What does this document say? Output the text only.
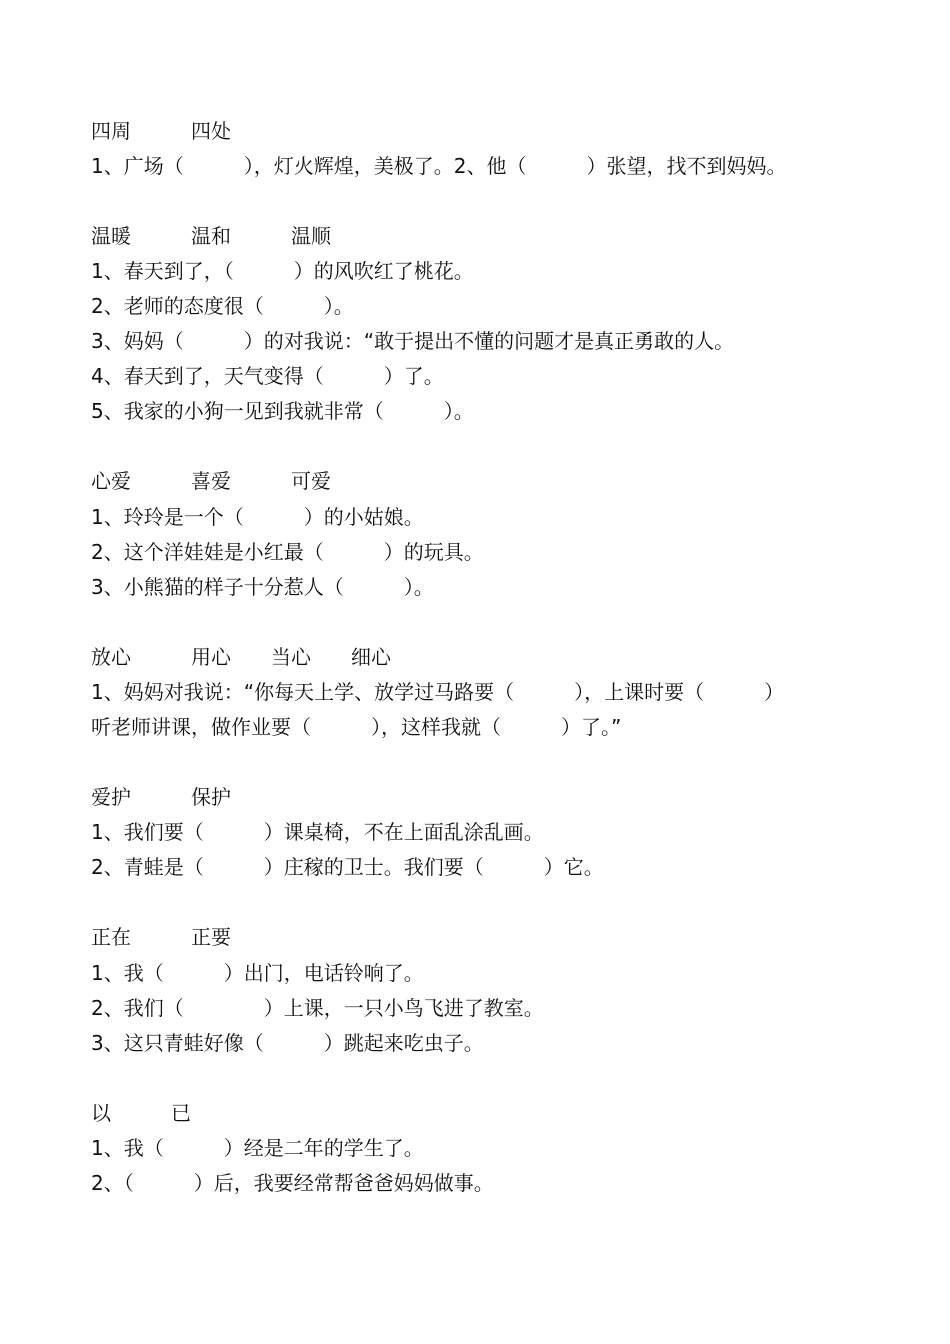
四周　　　四处
1、广场（　　　），灯火辉煌，美极了。2、他（　　　）张望，找不到妈妈。
温暖　　　温和　　　温顺
1、春天到了，（　　　）的风吹红了桃花。
2、老师的态度很（　　　）。
3、妈妈（　　　）的对我说：“敢于提出不懂的问题才是真正勇敢的人。
4、春天到了，天气变得（　　　）了。
5、我家的小狗一见到我就非常（　　　）。
心爱　　　喜爱　　　可爱
1、玲玲是一个（　　　）的小姑娘。
2、这个洋娃娃是小红最（　　　）的玩具。
3、小熊猫的样子十分惹人（　　　）。
放心　　　用心　　当心　　细心
1、妈妈对我说：“你每天上学、放学过马路要（　　　），上课时要（　　　）
听老师讲课，做作业要（　　　），这样我就（　　　）了。”
爱护　　　保护
1、我们要（　　　）课桌椅，不在上面乱涂乱画。
2、青蛙是（　　　）庄稼的卫士。我们要（　　　）它。
正在　　　正要
1、我（　　　）出门，电话铃响了。
2、我们（　　　　）上课，一只小鸟飞进了教室。
3、这只青蛙好像（　　　）跳起来吃虫子。
以　　　已
1、我（　　　）经是二年的学生了。
2、（　　　）后，我要经常帮爸爸妈妈做事。
